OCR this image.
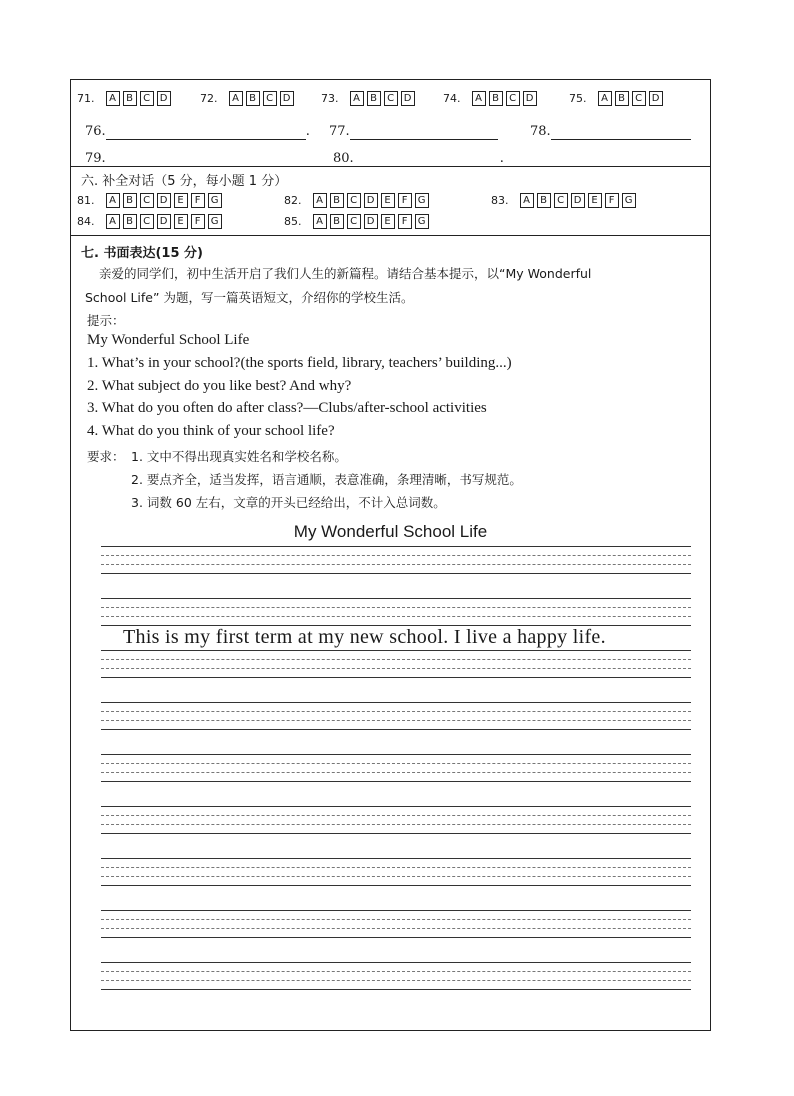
71. A B C D	72. A B C D	73. A B C D	74. A B C D	75. A B C D
76.	. 77.	78.
79.	80.	.
六. 补全对话（5 分，每小题 1 分）
81. A B C D E F G	82. A B C D E F G	83. A B C D E F G
84. A B C D E F G	85. A B C D E F G
七. 书面表达(15 分)
亲爱的同学们，初中生活开启了我们人生的新篇程。请结合基本提示，以“My Wonderful
School Life” 为题，写一篇英语短文，介绍你的学校生活。
提示：
My Wonderful School Life
1. What’s in your school?(the sports field, library, teachers’ building...)
2. What subject do you like best? And why?
3. What do you often do after class?—Clubs/after-school activities
4. What do you think of your school life?
要求： 1. 文中不得出现真实姓名和学校名称。
2. 要点齐全，适当发挥，语言通顺，表意准确，条理清晰，书写规范。
3. 词数 60 左右，文章的开头已经给出，不计入总词数。
My Wonderful School Life
This is my first term at my new school. I live a happy life.
